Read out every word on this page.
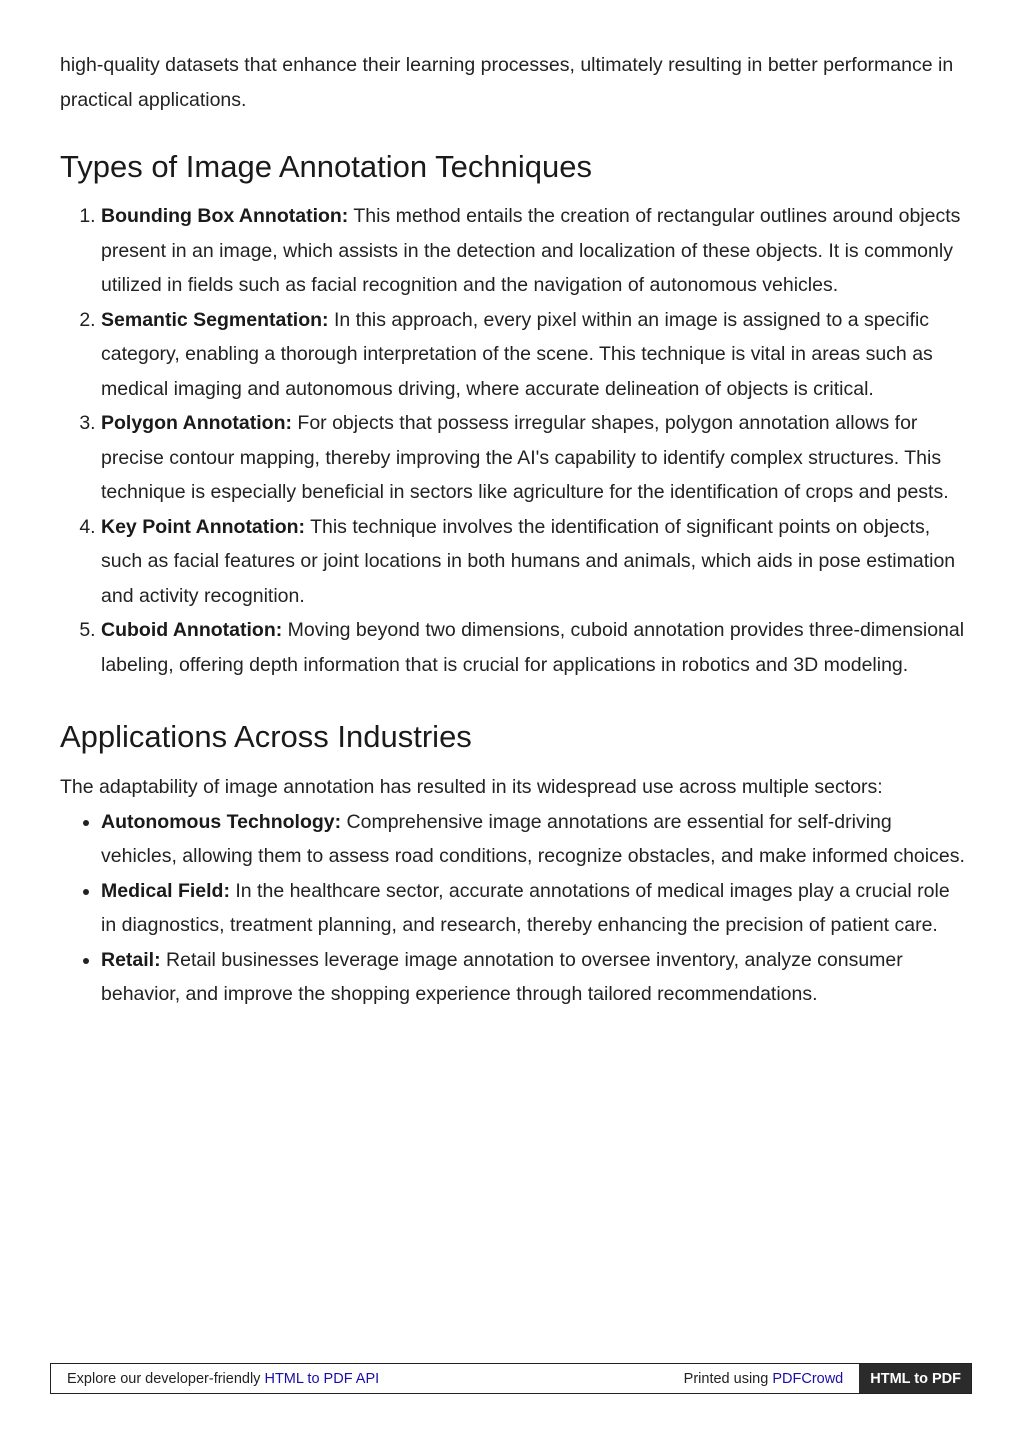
high-quality datasets that enhance their learning processes, ultimately resulting in better performance in practical applications.

Types of Image Annotation Techniques
1. Bounding Box Annotation: This method entails the creation of rectangular outlines around objects present in an image, which assists in the detection and localization of these objects. It is commonly utilized in fields such as facial recognition and the navigation of autonomous vehicles.
2. Semantic Segmentation: In this approach, every pixel within an image is assigned to a specific category, enabling a thorough interpretation of the scene. This technique is vital in areas such as medical imaging and autonomous driving, where accurate delineation of objects is critical.
3. Polygon Annotation: For objects that possess irregular shapes, polygon annotation allows for precise contour mapping, thereby improving the AI's capability to identify complex structures. This technique is especially beneficial in sectors like agriculture for the identification of crops and pests.
4. Key Point Annotation: This technique involves the identification of significant points on objects, such as facial features or joint locations in both humans and animals, which aids in pose estimation and activity recognition.
5. Cuboid Annotation: Moving beyond two dimensions, cuboid annotation provides three-dimensional labeling, offering depth information that is crucial for applications in robotics and 3D modeling.
Applications Across Industries

The adaptability of image annotation has resulted in its widespread use across multiple sectors:

• Autonomous Technology: Comprehensive image annotations are essential for self-driving vehicles, allowing them to assess road conditions, recognize obstacles, and make informed choices.
• Medical Field: In the healthcare sector, accurate annotations of medical images play a crucial role in diagnostics, treatment planning, and research, thereby enhancing the precision of patient care.
• Retail: Retail businesses leverage image annotation to oversee inventory, analyze consumer behavior, and improve the shopping experience through tailored recommendations.
Explore our developer-friendly HTML to PDF API	Printed using PDFCrowd	HTML to PDF
